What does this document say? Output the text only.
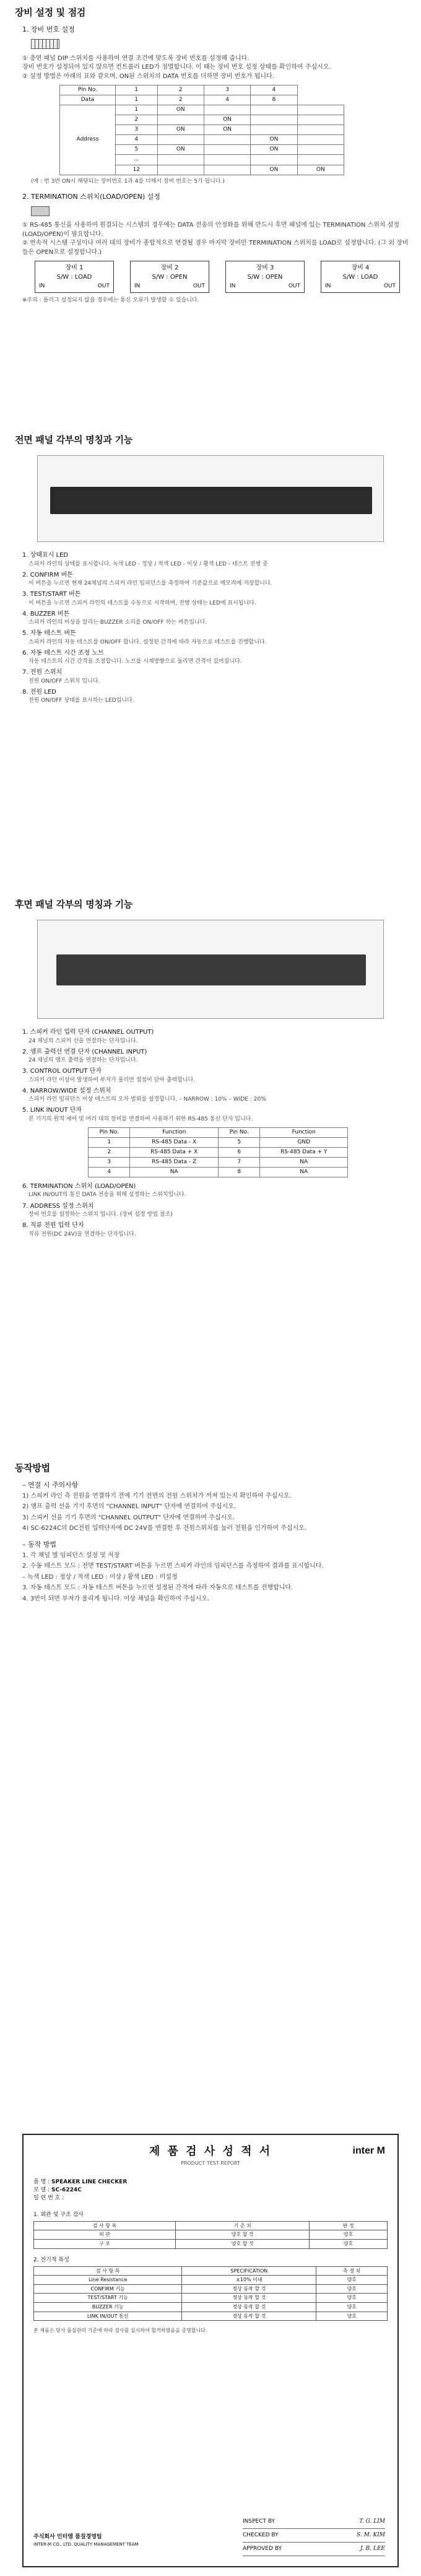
장비 설정 및 점검
1. 장비 번호 설정
① 층면 패널 DIP 스위치를 사용하여 연결 조건에 맞도록 장비 번호를 설정해 줍니다.
장비 번호가 설정되어 있지 않으면 컨트롤러 LED가 점멸합니다. 이 때는 장비 번호 설정 상태를 확인하여 주십시오.
② 설정 방법은 아래의 표와 같으며, ON된 스위치의 DATA 번호를 더하면 장비 번호가 됩니다.
Pin No.	1	2	3	4	
Data	1	2	4	8	
Address	1	ON			
	2		ON		
	3	ON	ON		
	4			ON	
	5	ON		ON	
	…				
	12			ON	ON
(예 : 번 3번 ON시 해당되는 장비번호 1과 4를 더해서 장비 번호는 5가 됩니다.)
2. TERMINATION 스위치(LOAD/OPEN) 설정
① RS-485 통신을 사용하여 원결되는 시스템의 경우에는 DATA 전송의 안정화를 위해 반드시 후면 패널에 있는 TERMINATION 스위치 설정(LOAD/OPEN)이 필요합니다.
② 연속적 시스템 구성이나 여러 대의 장비가 종합적으로 연결될 경우 마지막 장비만 TERMINATION 스위치를 LOAD로 설정합니다. (그 외 장비들은 OPEN으로 설정합니다.)
장비 1
S/W : LOAD
IN	OUT
장비 2
S/W : OPEN
IN	OUT
장비 3
S/W : OPEN
IN	OUT
장비 4
S/W : LOAD
IN	OUT
※주의 : 플러그 설정되지 않을 경우에는 통신 오류가 발생할 수 있습니다.
전면 패널 각부의 명칭과 기능
1. 상태표시 LED
스피커 라인의 상태를 표시합니다. 녹색 LED - 정상 / 적색 LED - 이상 / 황색 LED - 테스트 진행 중
2. CONFIRM 버튼
이 버튼을 누르면 현재 24채널의 스피커 라인 임피던스를 측정하여 기준값으로 메모리에 저장합니다.
3. TEST/START 버튼
이 버튼을 누르면 스피커 라인의 테스트를 수동으로 시작하며, 진행 상태는 LED에 표시됩니다.
4. BUZZER 버튼
스피커 라인의 이상을 알리는 BUZZER 소리를 ON/OFF 하는 버튼입니다.
5. 자동 테스트 버튼
스피커 라인의 자동 테스트를 ON/OFF 합니다. 설정된 간격에 따라 자동으로 테스트를 진행합니다.
6. 자동 테스트 시간 조정 노브
자동 테스트의 시간 간격을 조정합니다. 노브를 시계방향으로 돌리면 간격이 길어집니다.
7. 전원 스위치
전원 ON/OFF 스위치 입니다.
8. 전원 LED
전원 ON/OFF 상태를 표시하는 LED입니다.
후면 패널 각부의 명칭과 기능
1. 스피커 라인 입력 단자 (CHANNEL OUTPUT)
24 채널의 스피커 선을 연결하는 단자입니다.
2. 앰프 출력선 연결 단자 (CHANNEL INPUT)
24 채널의 앰프 출력을 연결하는 단자입니다.
3. CONTROL OUTPUT 단자
스피커 라인 이상이 발생하여 부저가 울리면 접점이 닫아 출력합니다.
4. NARROW/WIDE 설정 스위치
스피커 라인 임피던스 이상 테스트의 오차 범위를 설정합니다. – NARROW : 10% – WIDE : 20%
5. LINK IN/OUT 단자
본 기기의 원격 제어 및 여러 대의 장비를 연결하여 사용하기 위한 RS-485 통신 단자 입니다.
Pin No.	Function	Pin No.	Function
1	RS-485 Data - X	5	GND
2	RS-485 Data + X	6	RS-485 Data + Y
3	RS-485 Data - Z	7	NA
4	NA	8	NA
6. TERMINATION 스위치 (LOAD/OPEN)
LINK IN/OUT의 통신 DATA 전송을 위해 설정하는 스위치입니다.
7. ADDRESS 설정 스위치
장비 번호를 설정하는 스위치 입니다. (장비 설정 방법 참조)
8. 직류 전원 입력 단자
직류 전원(DC 24V)을 연결하는 단자입니다.
동작방법
– 연결 시 주의사항
1) 스피커 라인 측 전원을 연결하기 전에 기기 전면의 전원 스위치가 꺼져 있는지 확인하여 주십시오.
2) 앰프 출력 선을 기기 후면의 "CHANNEL INPUT" 단자에 연결하여 주십시오.
3) 스피커 선을 기기 후면의 "CHANNEL OUTPUT" 단자에 연결하여 주십시오.
4) SC-6224C의 DC전원 입력단자에 DC 24V를 연결한 후 전원스위치를 눌러 전원을 인가하여 주십시오.
– 동작 방법
1. 각 채널 별 임피던스 설정 및 저장
2. 수동 테스트 모드 : 전면 TEST/START 버튼을 누르면 스피커 라인의 임피던스를 측정하여 결과를 표시합니다.
– 녹색 LED : 정상 / 적색 LED : 이상 / 황색 LED : 미설정
3. 자동 테스트 모드 : 자동 테스트 버튼을 누르면 설정된 간격에 따라 자동으로 테스트를 진행합니다.
4. 3번이 되면 부저가 울리게 됩니다. 이상 채널을 확인하여 주십시오.
제 품 검 사 성 적 서
PRODUCT TEST REPORT
inter M
품 명 : SPEAKER LINE CHECKER
모 델 : SC-6224C
일 련 번 호 :
1. 외관 및 구조 검사
검 사 항 목	기 준 치	판 정
외 관	양호 할 것	양호
구 조	양호 할 것	양호
2. 전기적 특성
검 사 항 목	SPECIFICATION	측 정 치
Line Resistance	±10% 이내	양호
CONFIRM 기능	정상 동작 할 것	양호
TEST/START 기능	정상 동작 할 것	양호
BUZZER 기능	정상 동작 할 것	양호
LINK IN/OUT 통신	정상 동작 할 것	양호
본 제품은 당사 품질관리 기준에 따라 검사를 실시하여 합격하였음을 증명합니다.
주식회사 인터엠 품질경영팀
INTER-M CO., LTD. QUALITY MANAGEMENT TEAM
INSPECT BY	T. G. LIM
CHECKED BY	S. M. KIM
APPROVED BY	J. B. LEE
